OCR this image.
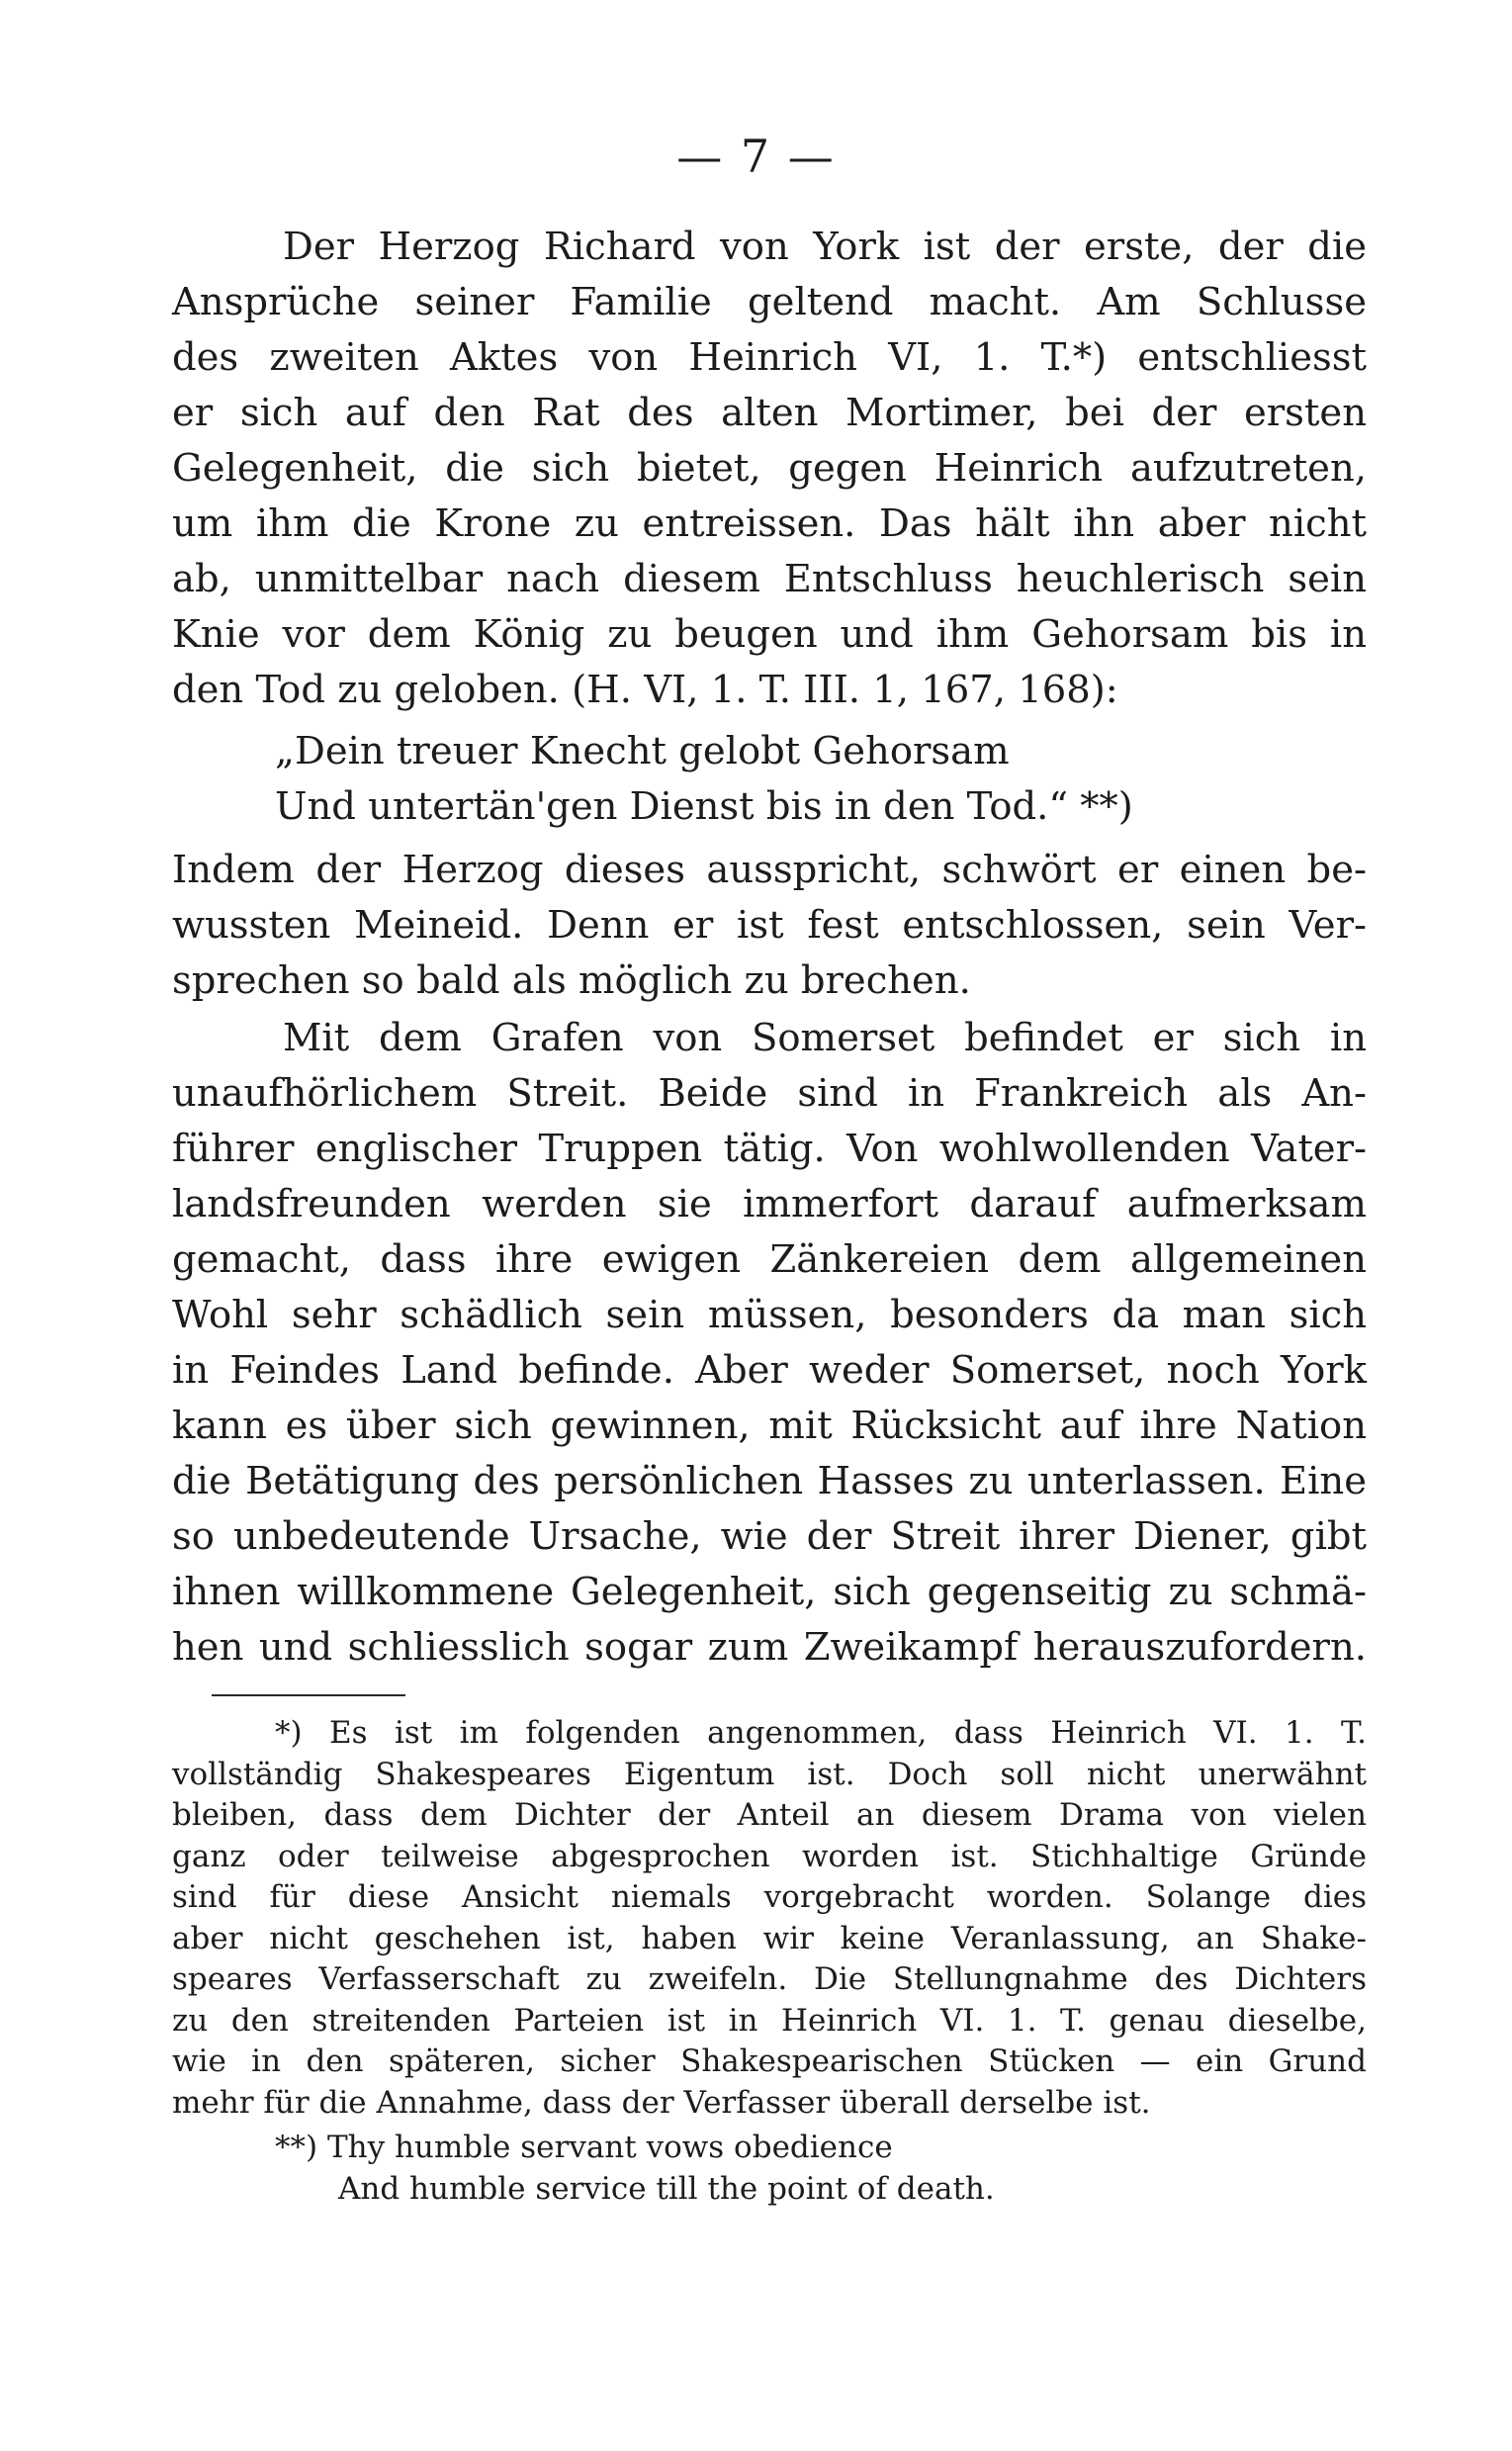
— 7 —
Der Herzog Richard von York ist der erste, der die
Ansprüche seiner Familie geltend macht. Am Schlusse
des zweiten Aktes von Heinrich VI, 1. T.*) entschliesst
er sich auf den Rat des alten Mortimer, bei der ersten
Gelegenheit, die sich bietet, gegen Heinrich aufzutreten,
um ihm die Krone zu entreissen. Das hält ihn aber nicht
ab, unmittelbar nach diesem Entschluss heuchlerisch sein
Knie vor dem König zu beugen und ihm Gehorsam bis in
den Tod zu geloben. (H. VI, 1. T. III. 1, 167, 168):
„Dein treuer Knecht gelobt Gehorsam
Und untertän'gen Dienst bis in den Tod.“ **)
Indem der Herzog dieses ausspricht, schwört er einen be-
wussten Meineid. Denn er ist fest entschlossen, sein Ver-
sprechen so bald als möglich zu brechen.
Mit dem Grafen von Somerset befindet er sich in
unaufhörlichem Streit. Beide sind in Frankreich als An-
führer englischer Truppen tätig. Von wohlwollenden Vater-
landsfreunden werden sie immerfort darauf aufmerksam
gemacht, dass ihre ewigen Zänkereien dem allgemeinen
Wohl sehr schädlich sein müssen, besonders da man sich
in Feindes Land befinde. Aber weder Somerset, noch York
kann es über sich gewinnen, mit Rücksicht auf ihre Nation
die Betätigung des persönlichen Hasses zu unterlassen. Eine
so unbedeutende Ursache, wie der Streit ihrer Diener, gibt
ihnen willkommene Gelegenheit, sich gegenseitig zu schmä-
hen und schliesslich sogar zum Zweikampf herauszufordern.
*) Es ist im folgenden angenommen, dass Heinrich VI. 1. T.
vollständig Shakespeares Eigentum ist. Doch soll nicht unerwähnt
bleiben, dass dem Dichter der Anteil an diesem Drama von vielen
ganz oder teilweise abgesprochen worden ist. Stichhaltige Gründe
sind für diese Ansicht niemals vorgebracht worden. Solange dies
aber nicht geschehen ist, haben wir keine Veranlassung, an Shake-
speares Verfasserschaft zu zweifeln. Die Stellungnahme des Dichters
zu den streitenden Parteien ist in Heinrich VI. 1. T. genau dieselbe,
wie in den späteren, sicher Shakespearischen Stücken — ein Grund
mehr für die Annahme, dass der Verfasser überall derselbe ist.
**) Thy humble servant vows obedience
And humble service till the point of death.
